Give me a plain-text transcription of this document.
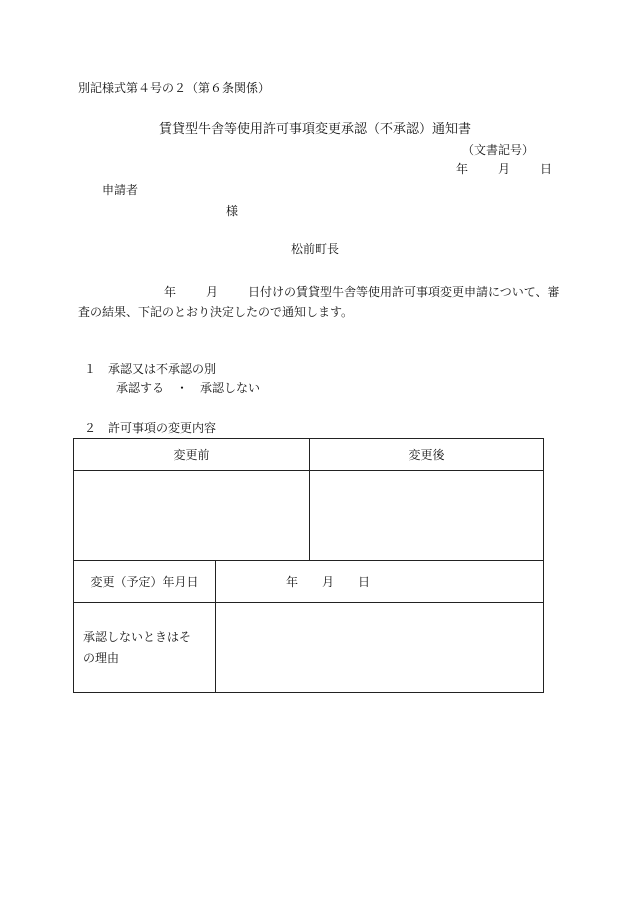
別記様式第４号の２（第６条関係）
賃貸型牛舎等使用許可事項変更承認（不承認）通知書
（文書記号）
年	月	日
申請者
様
松前町長
年	月	日付けの賃貸型牛舎等使用許可事項変更申請について、審
査の結果、下記のとおり決定したので通知します。
１　承認又は不承認の別
承認する　・　承認しない
２　許可事項の変更内容
変更前	変更後
変更（予定）年月日	年 月 日
承認しないときはそ
の理由
